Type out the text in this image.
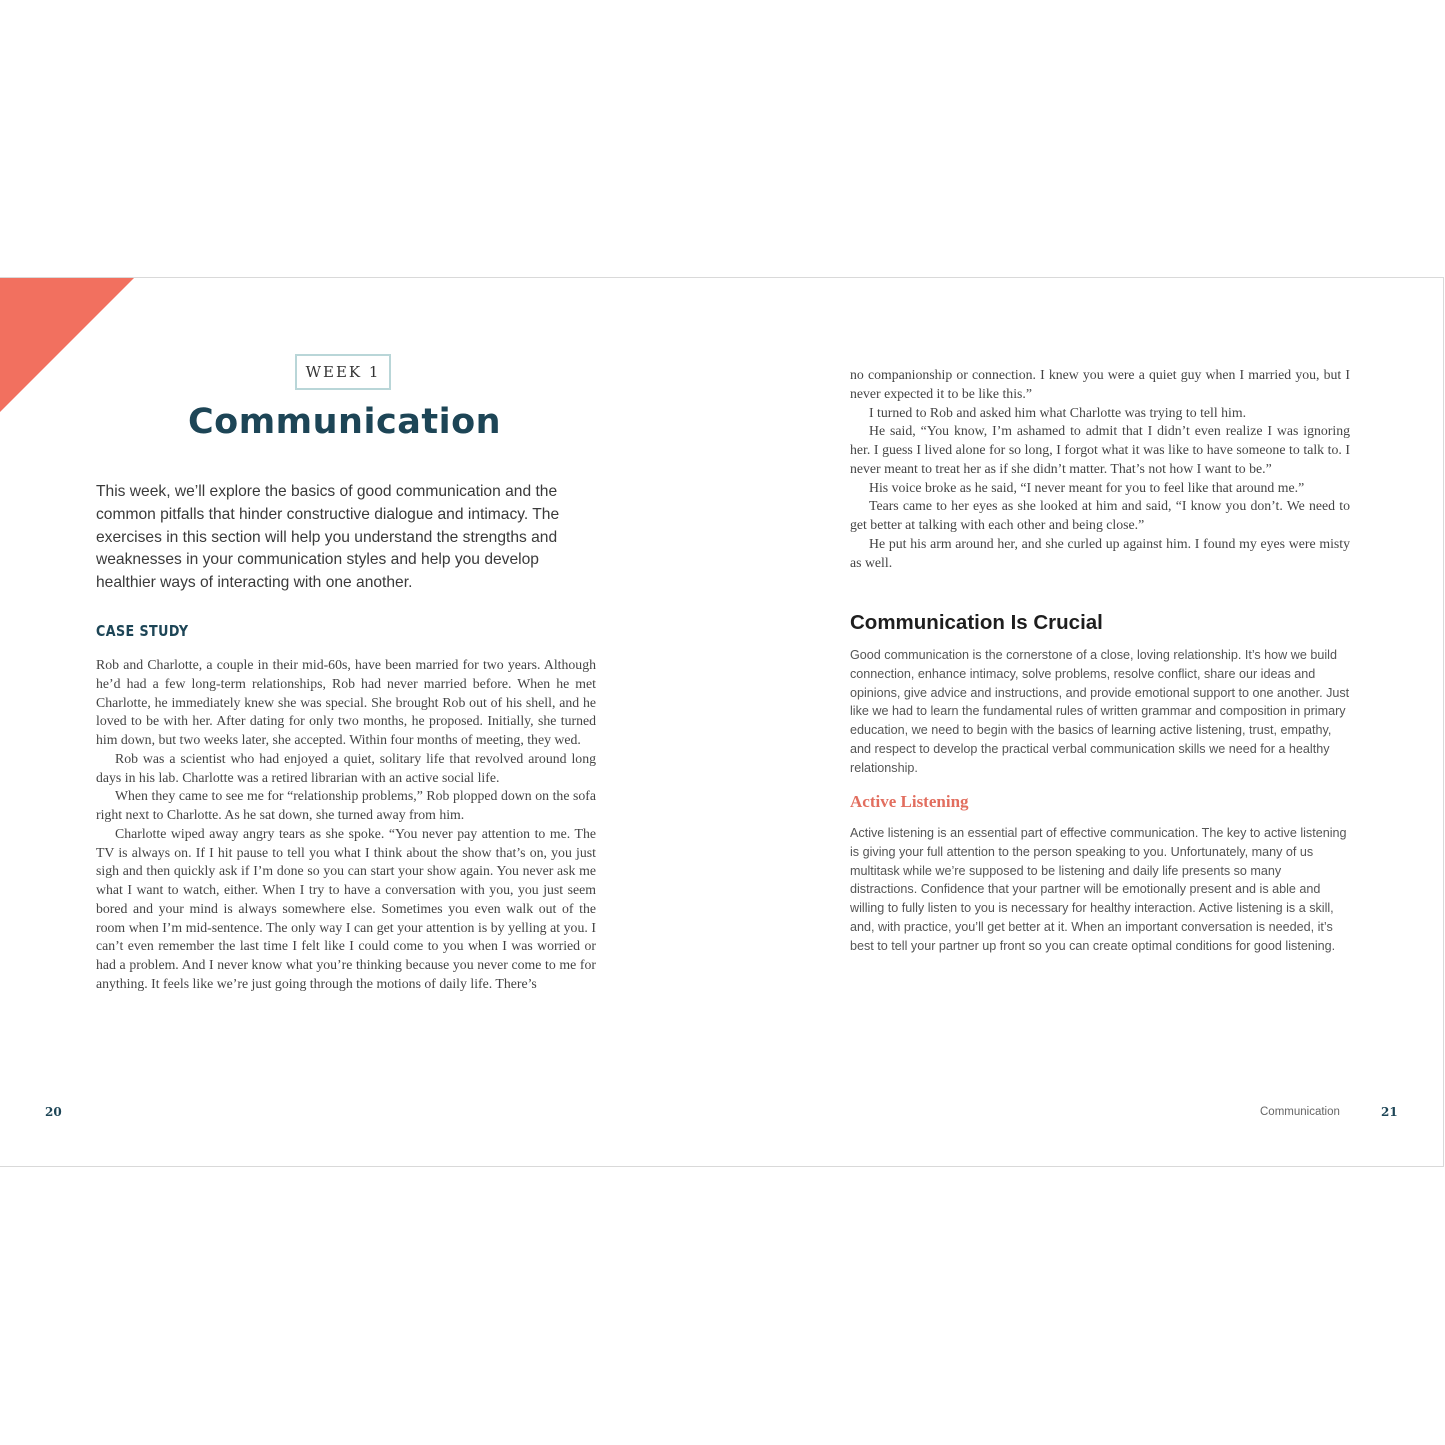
WEEK 1
Communication

This week, we’ll explore the basics of good communication and the common pitfalls that hinder constructive dialogue and intimacy. The exercises in this section will help you understand the strengths and weaknesses in your communication styles and help you develop healthier ways of interacting with one another.

CASE STUDY

Rob and Charlotte, a couple in their mid-60s, have been married for two years. Although he’d had a few long-term relationships, Rob had never married before. When he met Charlotte, he immediately knew she was special. She brought Rob out of his shell, and he loved to be with her. After dating for only two months, he proposed. Initially, she turned him down, but two weeks later, she accepted. Within four months of meeting, they wed.

Rob was a scientist who had enjoyed a quiet, solitary life that revolved around long days in his lab. Charlotte was a retired librarian with an active social life.

When they came to see me for “relationship problems,” Rob plopped down on the sofa right next to Charlotte. As he sat down, she turned away from him.

Charlotte wiped away angry tears as she spoke. “You never pay attention to me. The TV is always on. If I hit pause to tell you what I think about the show that’s on, you just sigh and then quickly ask if I’m done so you can start your show again. You never ask me what I want to watch, either. When I try to have a conversation with you, you just seem bored and your mind is always somewhere else. Sometimes you even walk out of the room when I’m mid-sentence. The only way I can get your attention is by yelling at you. I can’t even remember the last time I felt like I could come to you when I was worried or had a problem. And I never know what you’re thinking because you never come to me for anything. It feels like we’re just going through the motions of daily life. There’s

20

no companionship or connection. I knew you were a quiet guy when I married you, but I never expected it to be like this.”

I turned to Rob and asked him what Charlotte was trying to tell him.

He said, “You know, I’m ashamed to admit that I didn’t even realize I was ignoring her. I guess I lived alone for so long, I forgot what it was like to have someone to talk to. I never meant to treat her as if she didn’t matter. That’s not how I want to be.”

His voice broke as he said, “I never meant for you to feel like that around me.”

Tears came to her eyes as she looked at him and said, “I know you don’t. We need to get better at talking with each other and being close.”

He put his arm around her, and she curled up against him. I found my eyes were misty as well.

Communication Is Crucial

Good communication is the cornerstone of a close, loving relationship. It’s how we build connection, enhance intimacy, solve problems, resolve conflict, share our ideas and opinions, give advice and instructions, and provide emotional support to one another. Just like we had to learn the fundamental rules of written grammar and composition in primary education, we need to begin with the basics of learning active listening, trust, empathy, and respect to develop the practical verbal communication skills we need for a healthy relationship.

Active Listening

Active listening is an essential part of effective communication. The key to active listening is giving your full attention to the person speaking to you. Unfortunately, many of us multitask while we’re supposed to be listening and daily life presents so many distractions. Confidence that your partner will be emotionally present and is able and willing to fully listen to you is necessary for healthy interaction. Active listening is a skill, and, with practice, you’ll get better at it. When an important conversation is needed, it’s best to tell your partner up front so you can create optimal conditions for good listening.

Communication	21
